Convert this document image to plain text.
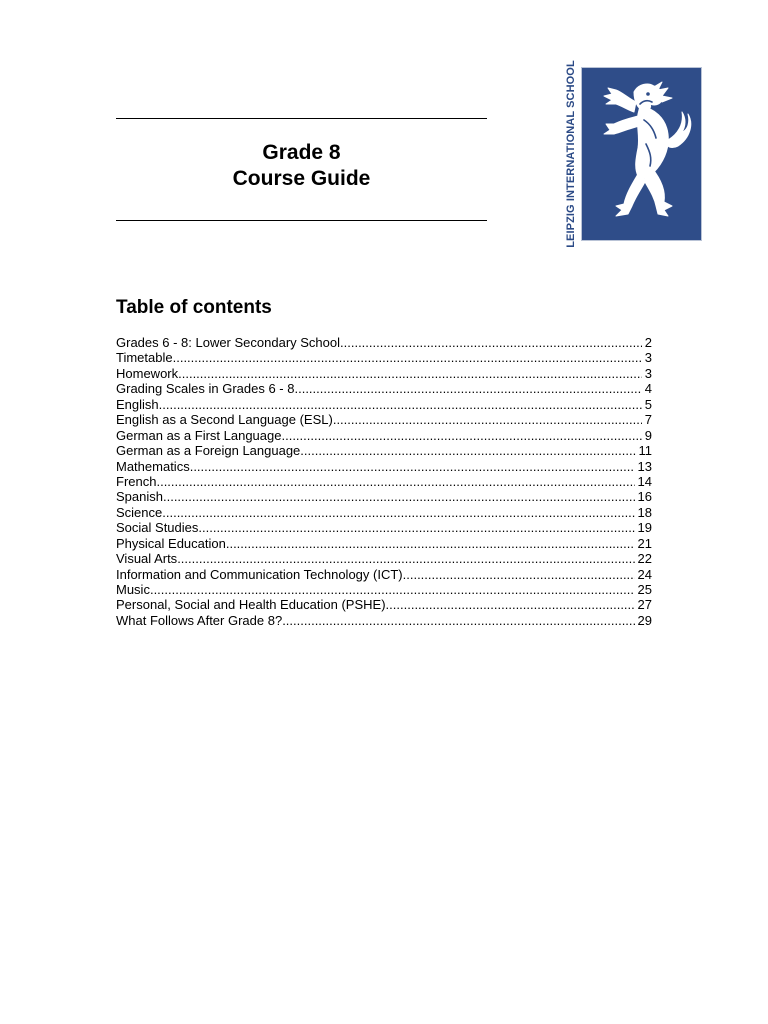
Grade 8
Course Guide	LEIPZIG INTERNATIONAL SCHOOL
Table of contents
Grades 6 - 8: Lower Secondary School .....	2
Timetable .....	3
Homework .....	3
Grading Scales in Grades 6 - 8 .....	4
English .....	5
English as a Second Language (ESL) .....	7
German as a First Language .....	9
German as a Foreign Language .....	11
Mathematics .....	13
French .....	14
Spanish .....	16
Science .....	18
Social Studies .....	19
Physical Education .....	21
Visual Arts .....	22
Information and Communication Technology (ICT) .....	24
Music .....	25
Personal, Social and Health Education (PSHE) .....	27
What Follows After Grade 8? .....	29
